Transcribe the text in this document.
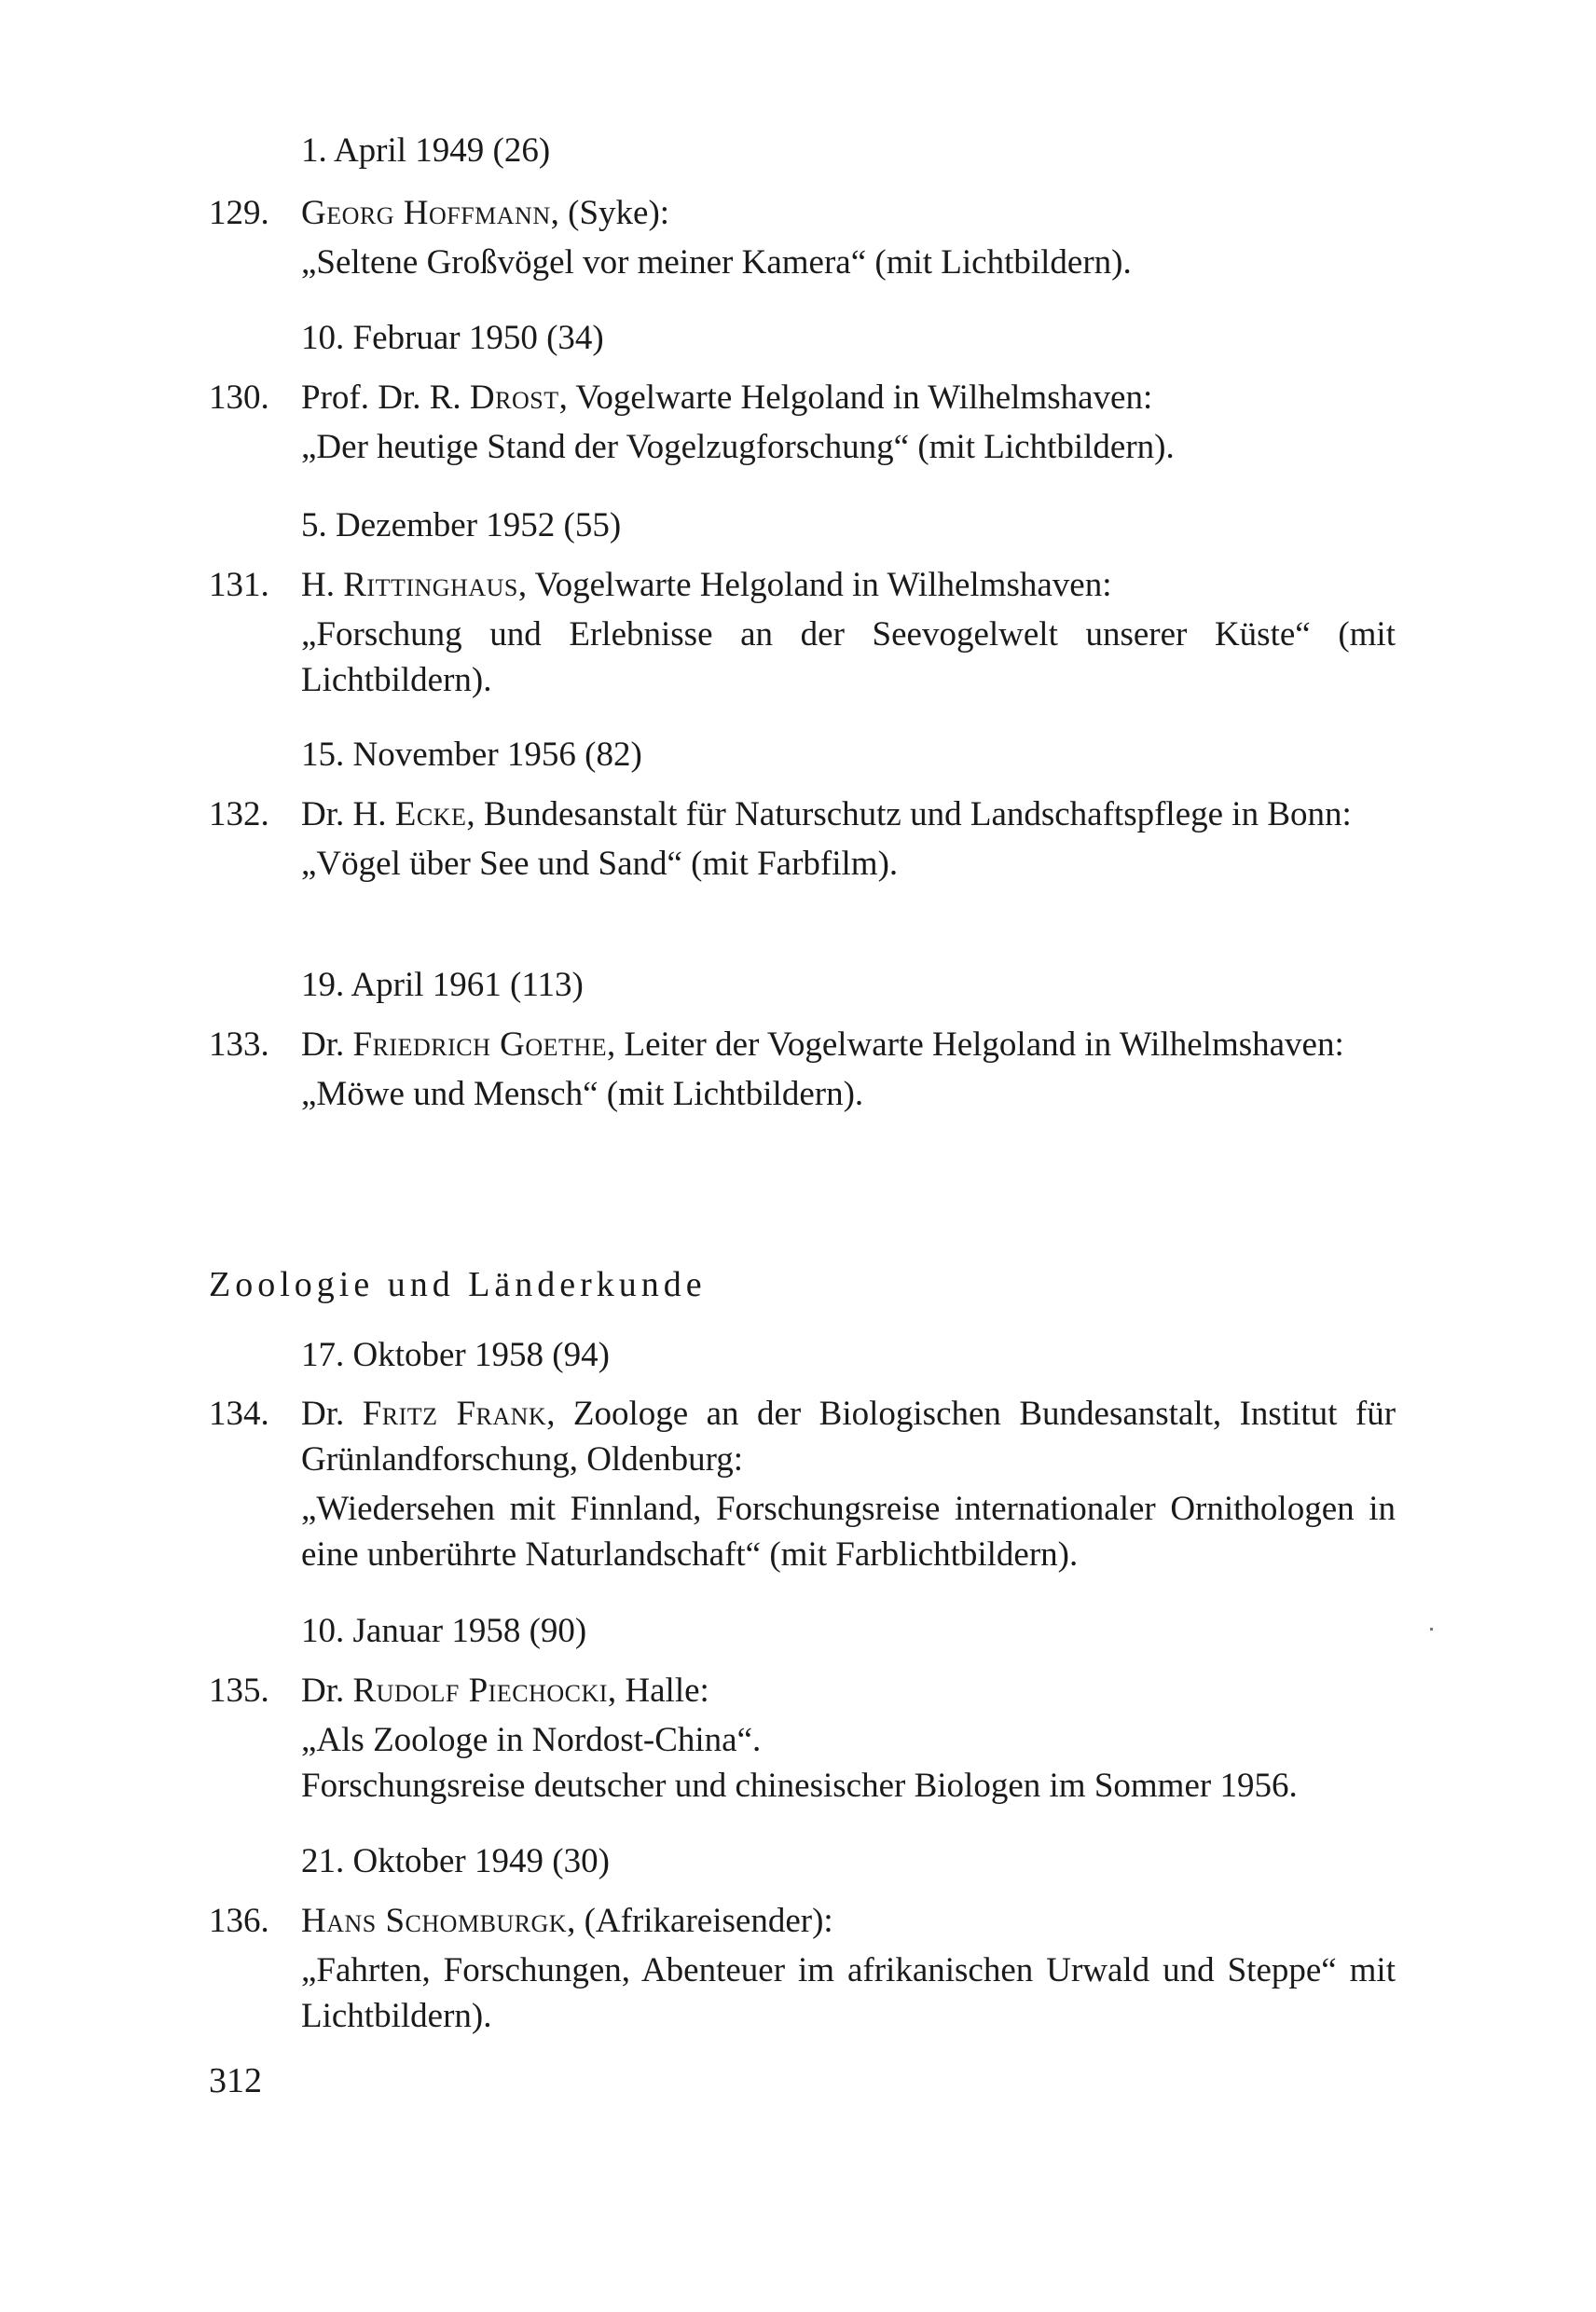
1. April 1949 (26)
129. Georg Hoffmann, (Syke):

„Seltene Großvögel vor meiner Kamera“ (mit Lichtbildern).

10. Februar 1950 (34)
130. Prof. Dr. R. Drost, Vogelwarte Helgoland in Wilhelmshaven:

„Der heutige Stand der Vogelzugforschung“ (mit Lichtbildern).

5. Dezember 1952 (55)
131. H. Rittinghaus, Vogelwarte Helgoland in Wilhelmshaven:

„Forschung und Erlebnisse an der Seevogelwelt unserer Küste“ (mit Lichtbildern).

15. November 1956 (82)
132. Dr. H. Ecke, Bundesanstalt für Naturschutz und Landschaftspflege in Bonn:

„Vögel über See und Sand“ (mit Farbfilm).

19. April 1961 (113)
133. Dr. Friedrich Goethe, Leiter der Vogelwarte Helgoland in Wilhelmshaven:

„Möwe und Mensch“ (mit Lichtbildern).

Zoologie und Länderkunde
17. Oktober 1958 (94)
134. Dr. Fritz Frank, Zoologe an der Biologischen Bundesanstalt, Institut für Grünlandforschung, Oldenburg:

„Wiedersehen mit Finnland, Forschungsreise internationaler Ornithologen in eine unberührte Naturlandschaft“ (mit Farblichtbildern).

10. Januar 1958 (90)
135. Dr. Rudolf Piechocki, Halle:

„Als Zoologe in Nordost-China“.

Forschungsreise deutscher und chinesischer Biologen im Sommer 1956.

21. Oktober 1949 (30)
136. Hans Schomburgk, (Afrikareisender):

„Fahrten, Forschungen, Abenteuer im afrikanischen Urwald und Steppe“ mit Lichtbildern).

312
